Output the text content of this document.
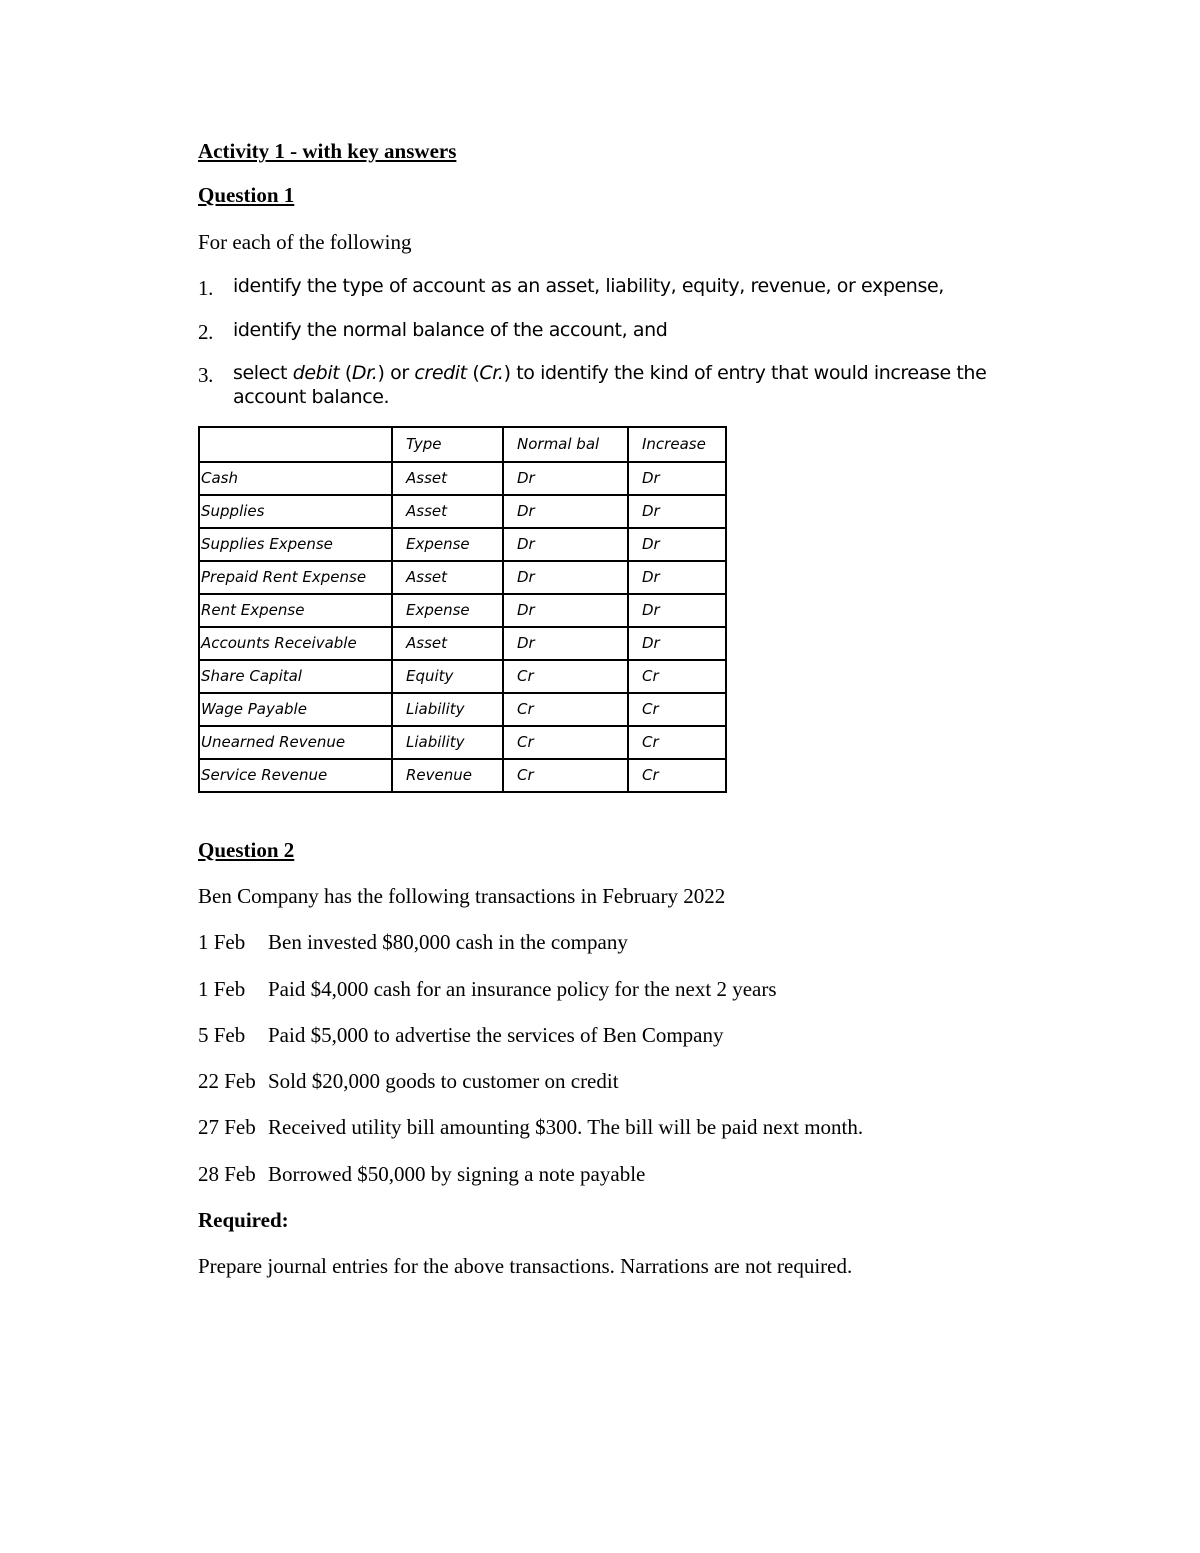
Activity 1 - with key answers

Question 1

For each of the following

1. identify the type of account as an asset, liability, equity, revenue, or expense,
2. identify the normal balance of the account, and
3. select debit (Dr.) or credit (Cr.) to identify the kind of entry that would increase the account balance.
	Type	Normal bal	Increase
Cash	Asset	Dr	Dr
Supplies	Asset	Dr	Dr
Supplies Expense	Expense	Dr	Dr
Prepaid Rent Expense	Asset	Dr	Dr
Rent Expense	Expense	Dr	Dr
Accounts Receivable	Asset	Dr	Dr
Share Capital	Equity	Cr	Cr
Wage Payable	Liability	Cr	Cr
Unearned Revenue	Liability	Cr	Cr
Service Revenue	Revenue	Cr	Cr

Question 2

Ben Company has the following transactions in February 2022

1 Feb Ben invested $80,000 cash in the company

1 Feb Paid $4,000 cash for an insurance policy for the next 2 years

5 Feb Paid $5,000 to advertise the services of Ben Company

22 Feb Sold $20,000 goods to customer on credit

27 Feb Received utility bill amounting $300. The bill will be paid next month.

28 Feb Borrowed $50,000 by signing a note payable

Required:

Prepare journal entries for the above transactions. Narrations are not required.
